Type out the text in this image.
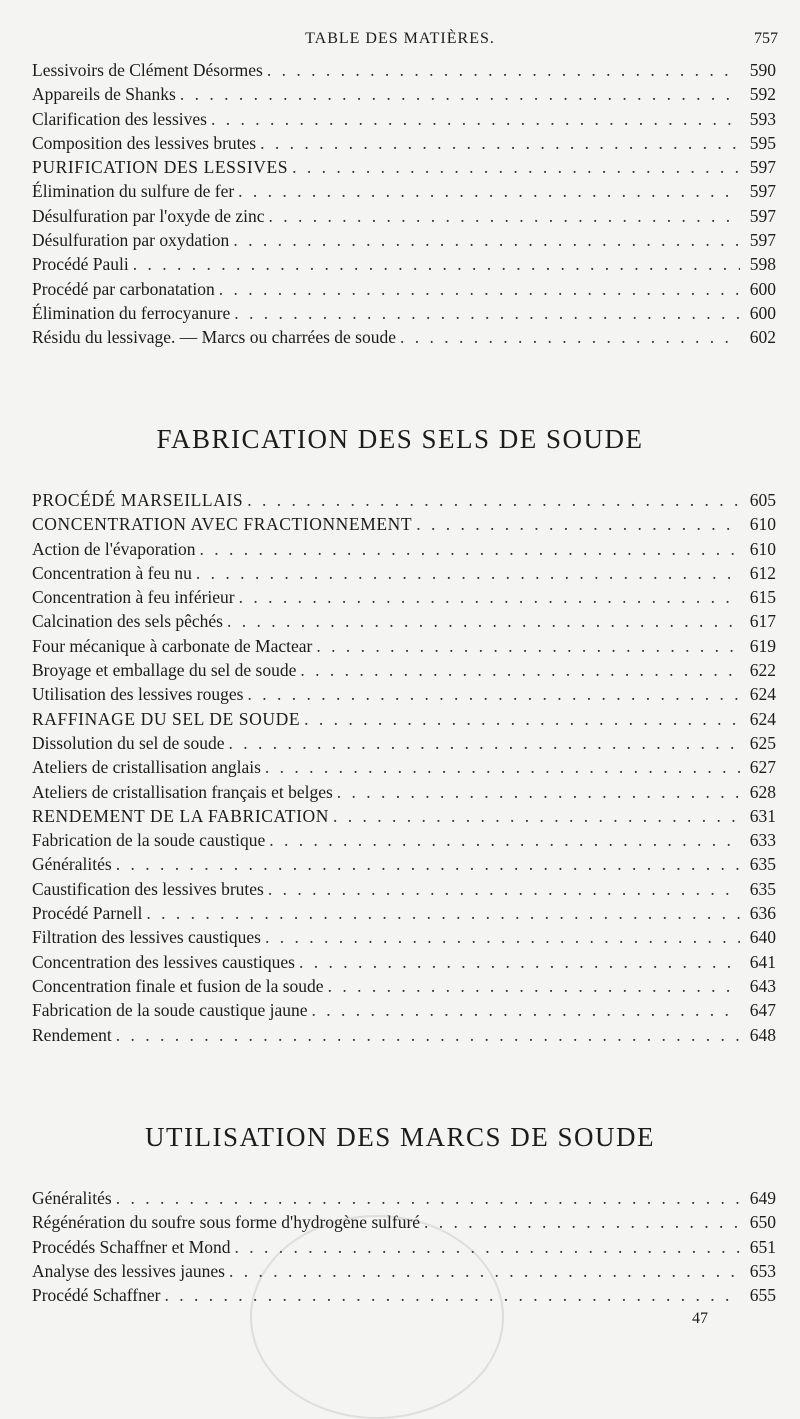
TABLE DES MATIÈRES.	757
Lessivoirs de Clément Désormes . . .	590
Appareils de Shanks . . .	592
Clarification des lessives . . .	593
Composition des lessives brutes . . .	595
PURIFICATION DES LESSIVES . . .	597
Élimination du sulfure de fer . . .	597
Désulfuration par l'oxyde de zinc . . .	597
Désulfuration par oxydation . . .	597
Procédé Pauli . . .	598
Procédé par carbonatation . . .	600
Élimination du ferrocyanure . . .	600
Résidu du lessivage. — Marcs ou charrées de soude . . .	602
FABRICATION DES SELS DE SOUDE
PROCÉDÉ MARSEILLAIS . . .	605
CONCENTRATION AVEC FRACTIONNEMENT . . .	610
Action de l'évaporation . . .	610
Concentration à feu nu . . .	612
Concentration à feu inférieur . . .	615
Calcination des sels pêchés . . .	617
Four mécanique à carbonate de Mactear . . .	619
Broyage et emballage du sel de soude . . .	622
Utilisation des lessives rouges . . .	624
RAFFINAGE DU SEL DE SOUDE . . .	624
Dissolution du sel de soude . . .	625
Ateliers de cristallisation anglais . . .	627
Ateliers de cristallisation français et belges . . .	628
RENDEMENT DE LA FABRICATION . . .	631
Fabrication de la soude caustique . . .	633
Généralités . . .	635
Caustification des lessives brutes . . .	635
Procédé Parnell . . .	636
Filtration des lessives caustiques . . .	640
Concentration des lessives caustiques . . .	641
Concentration finale et fusion de la soude . . .	643
Fabrication de la soude caustique jaune . . .	647
Rendement . . .	648
UTILISATION DES MARCS DE SOUDE
Généralités . . .	649
Régénération du soufre sous forme d'hydrogène sulfuré . . .	650
Procédés Schaffner et Mond . . .	651
Analyse des lessives jaunes . . .	653
Procédé Schaffner . . .	655
47
